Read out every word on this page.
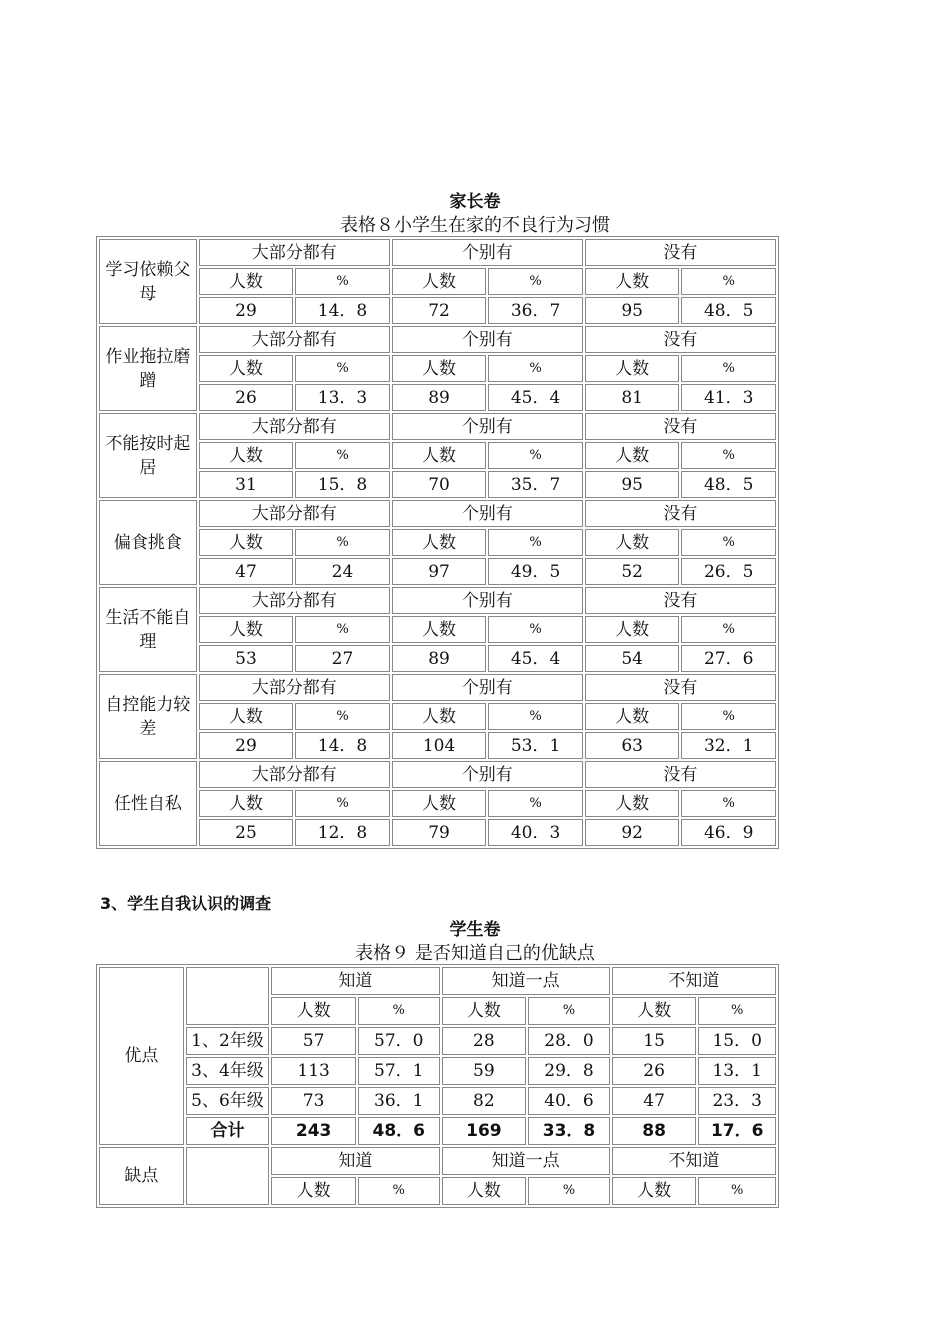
家长卷
表格８小学生在家的不良行为习惯
学习依赖父母	大部分都有		个别有		没有	
	人数	%	人数	%	人数	%
	29	14．8	72	36．7	95	48．5
作业拖拉磨蹭	大部分都有		个别有		没有	
	人数	%	人数	%	人数	%
	26	13．3	89	45．4	81	41．3
不能按时起居	大部分都有		个别有		没有	
	人数	%	人数	%	人数	%
	31	15．8	70	35．7	95	48．5
偏食挑食	大部分都有		个别有		没有	
	人数	%	人数	%	人数	%
	47	24	97	49．5	52	26．5
生活不能自理	大部分都有		个别有		没有	
	人数	%	人数	%	人数	%
	53	27	89	45．4	54	27．6
自控能力较差	大部分都有		个别有		没有	
	人数	%	人数	%	人数	%
	29	14．8	104	53．1	63	32．1
任性自私	大部分都有		个别有		没有	
	人数	%	人数	%	人数	%
	25	12．8	79	40．3	92	46．9
3、学生自我认识的调查
学生卷
表格９ 是否知道自己的优缺点
优点		知道		知道一点		不知道	
		人数	%	人数	%	人数	%
	1、2年级	57	57．0	28	28．0	15	15．0
	3、4年级	113	57．1	59	29．8	26	13．1
	5、6年级	73	36．1	82	40．6	47	23．3
	合计	243	48．6	169	33．8	88	17．6
缺点		知道		知道一点		不知道	
		人数	%	人数	%	人数	%
